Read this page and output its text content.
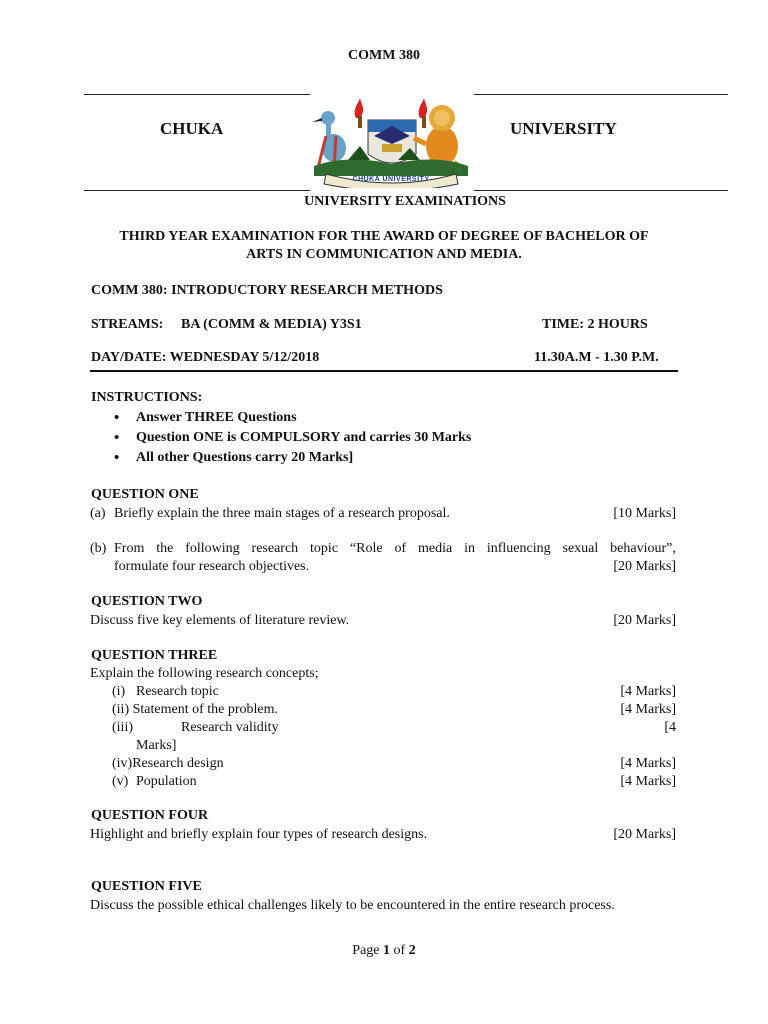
COMM 380
CHUKA	UNIVERSITY
CHUKA UNIVERSITY
UNIVERSITY EXAMINATIONS
THIRD YEAR EXAMINATION FOR THE AWARD OF DEGREE OF BACHELOR OF
ARTS IN COMMUNICATION AND MEDIA.
COMM 380: INTRODUCTORY RESEARCH METHODS
STREAMS: BA (COMM & MEDIA) Y3S1	TIME: 2 HOURS
DAY/DATE: WEDNESDAY 5/12/2018	11.30A.M - 1.30 P.M.
INSTRUCTIONS:
• Answer THREE Questions
• Question ONE is COMPULSORY and carries 30 Marks
• All other Questions carry 20 Marks]
QUESTION ONE
(a) Briefly explain the three main stages of a research proposal.	[10 Marks]
(b) From the following research topic “Role of media in influencing sexual behaviour”,
formulate four research objectives.	[20 Marks]
QUESTION TWO
Discuss five key elements of literature review.	[20 Marks]
QUESTION THREE
Explain the following research concepts;
(i) Research topic	[4 Marks]
(ii) Statement of the problem.	[4 Marks]
(iii)	Research validity	[4
Marks]
(iv)Research design	[4 Marks]
(v) Population	[4 Marks]
QUESTION FOUR
Highlight and briefly explain four types of research designs.	[20 Marks]
QUESTION FIVE
Discuss the possible ethical challenges likely to be encountered in the entire research process.
Page 1 of 2
